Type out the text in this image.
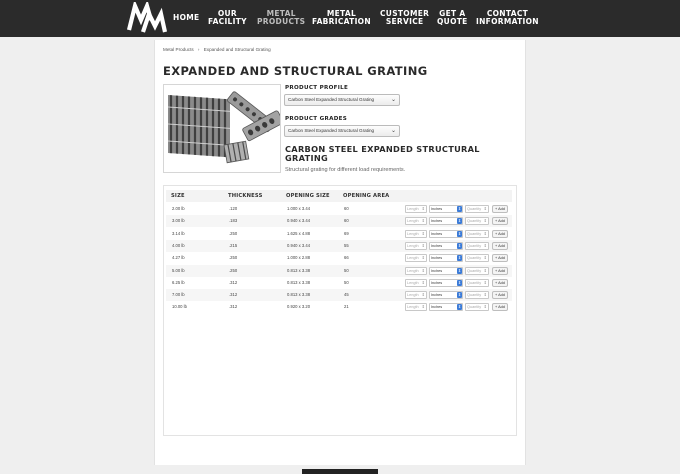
HOME	OUR
FACILITY
METAL
PRODUCTS
METAL
FABRICATION
CUSTOMER
SERVICE
GET A
QUOTE
CONTACT
INFORMATION
Metal Products › Expanded and Structural Grating
EXPANDED AND STRUCTURAL GRATING
PRODUCT PROFILE
Carbon Steel Expanded Structural Grating	⌄
PRODUCT GRADES
Carbon Steel Expanded Structural Grating	⌄
CARBON STEEL EXPANDED STRUCTURAL GRATING
Structural grating for different load requirements.
SIZE	THICKNESS	OPENING SIZE	OPENING AREA
2.00 lb	.120	1.000 x 3.44	60	Length ⇕	Inches	⇕	Quantity ⇕	+ Add
3.00 lb	.183	0.940 x 3.44	60	Length ⇕	Inches	⇕	Quantity ⇕	+ Add
3.14 lb	.250	1.625 x 4.88	69	Length ⇕	Inches	⇕	Quantity ⇕	+ Add
4.00 lb	.215	0.940 x 3.44	55	Length ⇕	Inches	⇕	Quantity ⇕	+ Add
4.27 lb	.250	1.000 x 2.88	66	Length ⇕	Inches	⇕	Quantity ⇕	+ Add
5.00 lb	.250	0.813 x 3.38	50	Length ⇕	Inches	⇕	Quantity ⇕	+ Add
6.25 lb	.312	0.813 x 3.38	50	Length ⇕	Inches	⇕	Quantity ⇕	+ Add
7.00 lb	.312	0.813 x 3.38	45	Length ⇕	Inches	⇕	Quantity ⇕	+ Add
10.00 lb	.312	0.920 x 3.20	21	Length ⇕	Inches	⇕	Quantity ⇕	+ Add
